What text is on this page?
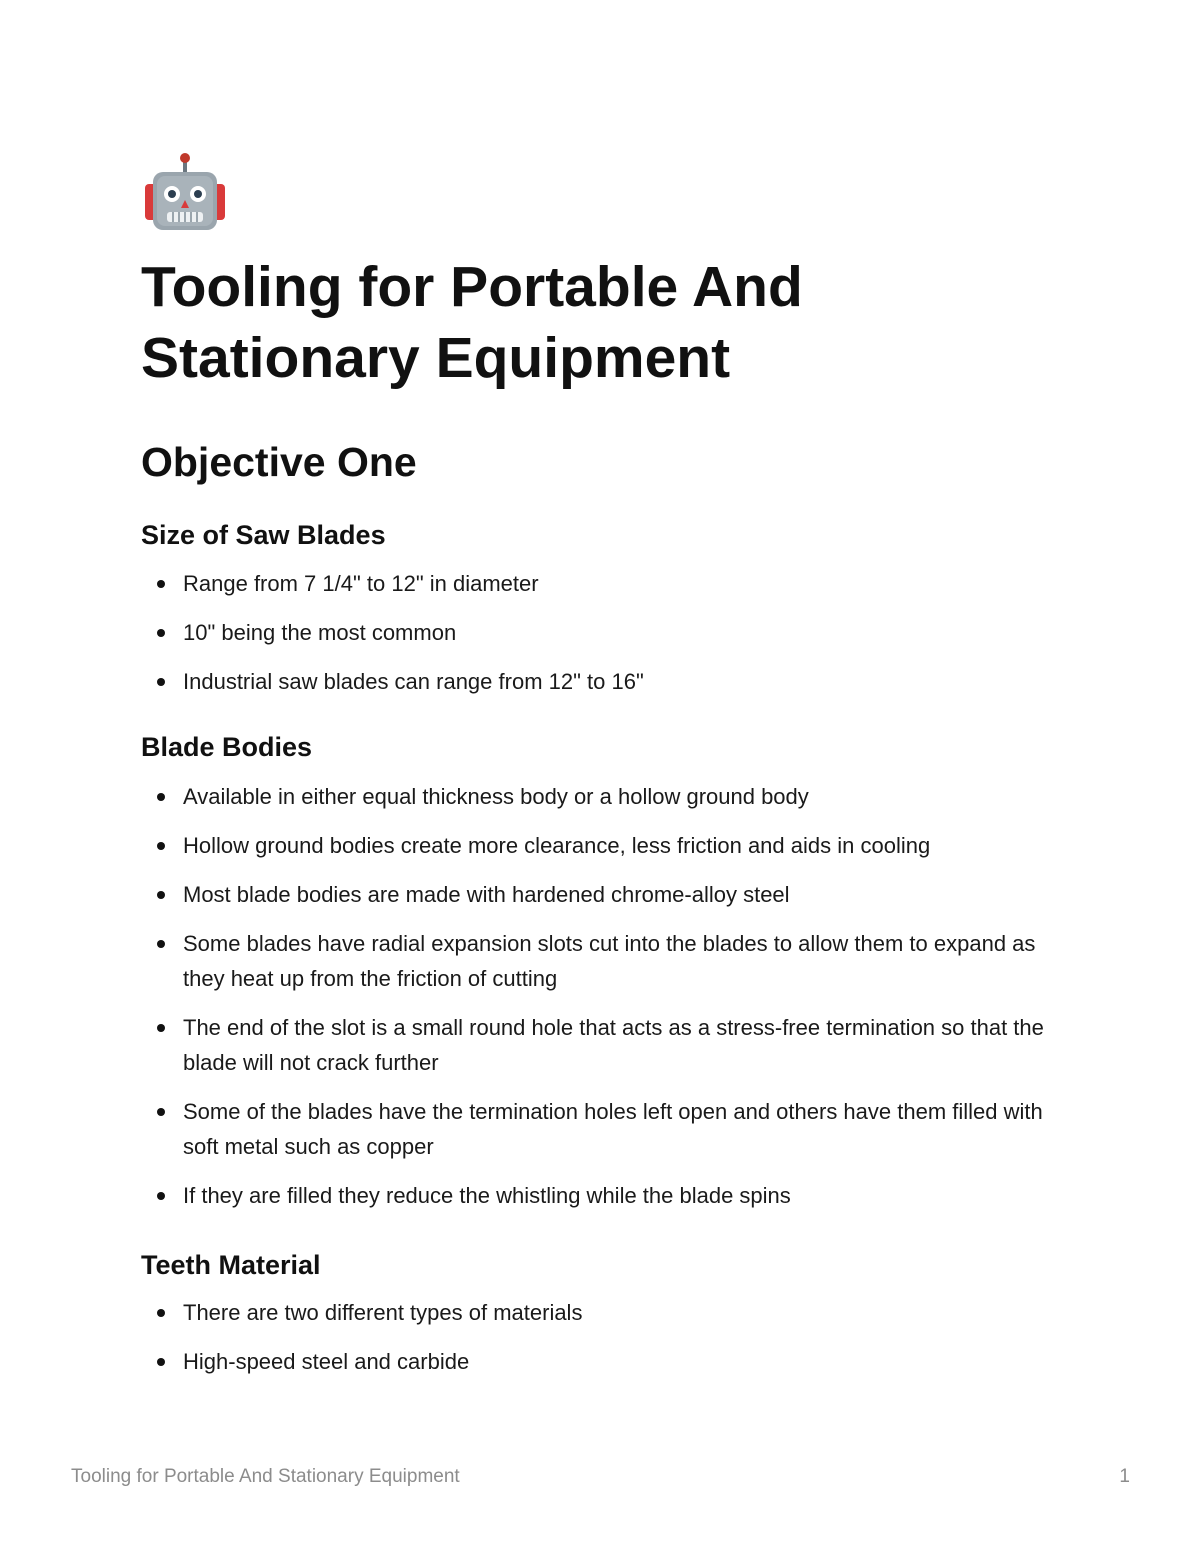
Tooling for Portable And Stationary Equipment
Objective One
Size of Saw Blades
Range from 7 1/4" to 12" in diameter
10" being the most common
Industrial saw blades can range from 12" to 16"
Blade Bodies
Available in either equal thickness body or a hollow ground body
Hollow ground bodies create more clearance, less friction and aids in cooling
Most blade bodies are made with hardened chrome-alloy steel
Some blades have radial expansion slots cut into the blades to allow them to expand as they heat up from the friction of cutting
The end of the slot is a small round hole that acts as a stress-free termination so that the blade will not crack further
Some of the blades have the termination holes left open and others have them filled with soft metal such as copper
If they are filled they reduce the whistling while the blade spins
Teeth Material
There are two different types of materials
High-speed steel and carbide
Tooling for Portable And Stationary Equipment	1
